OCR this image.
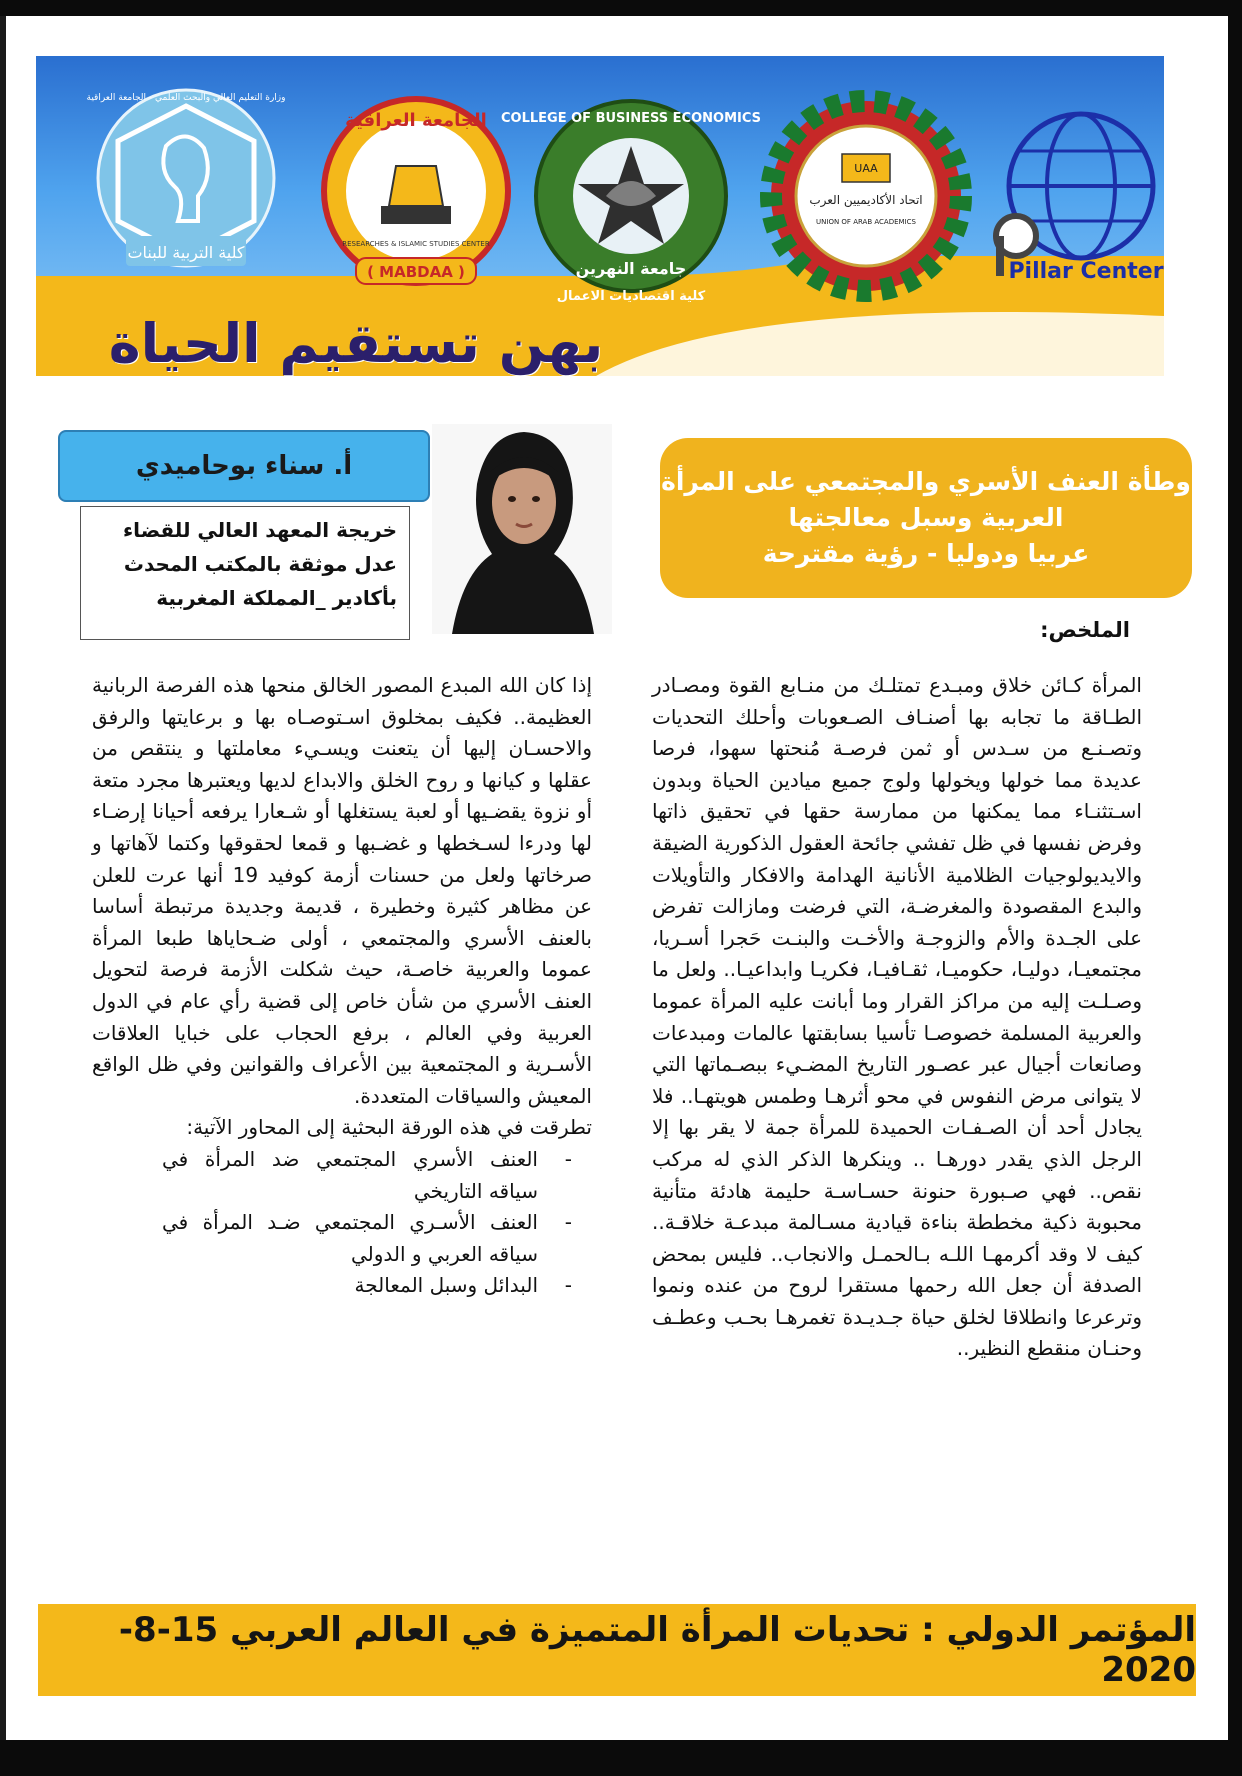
كلية التربية للبنات
وزارة التعليم العالي والبحث العلمي - الجامعة العراقية
الجامعة العراقية
RESEARCHES & ISLAMIC STUDIES CENTER
( MABDAA )
COLLEGE OF BUSINESS ECONOMICS
جامعة النهرين
كلية اقتصاديات الاعمال
UAA
اتحاد الأكاديميين العرب
UNION OF ARAB ACADEMICS
Pillar Center
بهن تستقيم الحياة
أ. سناء بوحاميدي
خريجة المعهد العالي للقضاء
عدل موثقة بالمكتب المحدث
بأكادير _المملكة المغربية
وطأة العنف الأسري والمجتمعي على المرأة
العربية وسبل معالجتها
عربيا ودوليا - رؤية مقترحة
الملخص:

المرأة كـائن خلاق ومبـدع تمتلـك من منـابع القوة ومصـادر الطـاقة ما تجابه بها أصنـاف الصـعوبات وأحلك التحديات وتصـنـع من سـدس أو ثمن فرصـة مُنحتها سهوا، فرصا عديدة مما خولها ويخولها ولوج جميع ميادين الحياة وبدون اسـتثنـاء مما يمكنها من ممارسة حقها في تحقيق ذاتها وفرض نفسها في ظل تفشي جائحة العقول الذكورية الضيقة والايديولوجيات الظلامية الأنانية الهدامة والافكار والتأويلات والبدع المقصودة والمغرضـة، التي فرضت ومازالت تفرض على الجـدة والأم والزوجـة والأخـت والبنـت حَجرا أسـريا، مجتمعيـا، دوليـا، حكوميـا، ثقـافيـا، فكريـا وابداعيـا.. ولعل ما وصـلـت إليه من مراكز القرار وما أبانت عليه المرأة عموما والعربية المسلمة خصوصـا تأسيا بسابقتها عالمات ومبدعات وصانعات أجيال عبر عصـور التاريخ المضـيء ببصـماتها التي لا يتوانى مرض النفوس في محو أثرهـا وطمس هويتهـا.. فلا يجادل أحد أن الصـفـات الحميدة للمرأة جمة لا يقر بها إلا الرجل الذي يقدر دورهـا .. وينكرها الذكر الذي له مركب نقص.. فهي صـبورة حنونة حسـاسـة حليمة هادئة متأنية محبوبة ذكية مخططة بناءة قيادية مسـالمة مبدعـة خلاقـة.. كيف لا وقد أكرمهـا اللـه بـالحمـل والانجاب.. فليس بمحض الصدفة أن جعل الله رحمها مستقرا لروح من عنده ونموا وترعرعا وانطلاقا لخلق حياة جـديـدة تغمرهـا بحـب وعطـف وحنـان منقطع النظير..

إذا كان الله المبدع المصور الخالق منحها هذه الفرصة الربانية العظيمة.. فكيف بمخلوق اسـتوصـاه بها و برعايتها والرفق والاحسـان إليها أن يتعنت ويسـيء معاملتها و ينتقص من عقلها و كيانها و روح الخلق والابداع لديها ويعتبرها مجرد متعة أو نزوة يقضـيها أو لعبة يستغلها أو شـعارا يرفعه أحيانا إرضـاء لها ودرءا لسـخطها و غضـبها و قمعا لحقوقها وكتما لآهاتها و صرخاتها ولعل من حسنات أزمة كوفيد 19 أنها عرت للعلن عن مظاهر كثيرة وخطيرة ، قديمة وجديدة مرتبطة أساسا بالعنف الأسري والمجتمعي ، أولى ضـحاياها طبعا المرأة عموما والعربية خاصـة، حيث شكلت الأزمة فرصة لتحويل العنف الأسري من شأن خاص إلى قضية رأي عام في الدول العربية وفي العالم ، برفع الحجاب على خبايا العلاقات الأسـرية و المجتمعية بين الأعراف والقوانين وفي ظل الواقع المعيش والسياقات المتعددة.

تطرقت في هذه الورقة البحثية إلى المحاور الآتية:

-
العنف الأسري المجتمعي ضد المرأة في سياقه التاريخي
-
العنف الأسـري المجتمعي ضـد المرأة في سياقه العربي و الدولي
-
البدائل وسبل المعالجة
المؤتمر الدولي : تحديات المرأة المتميزة في العالم العربي 15-8-2020
